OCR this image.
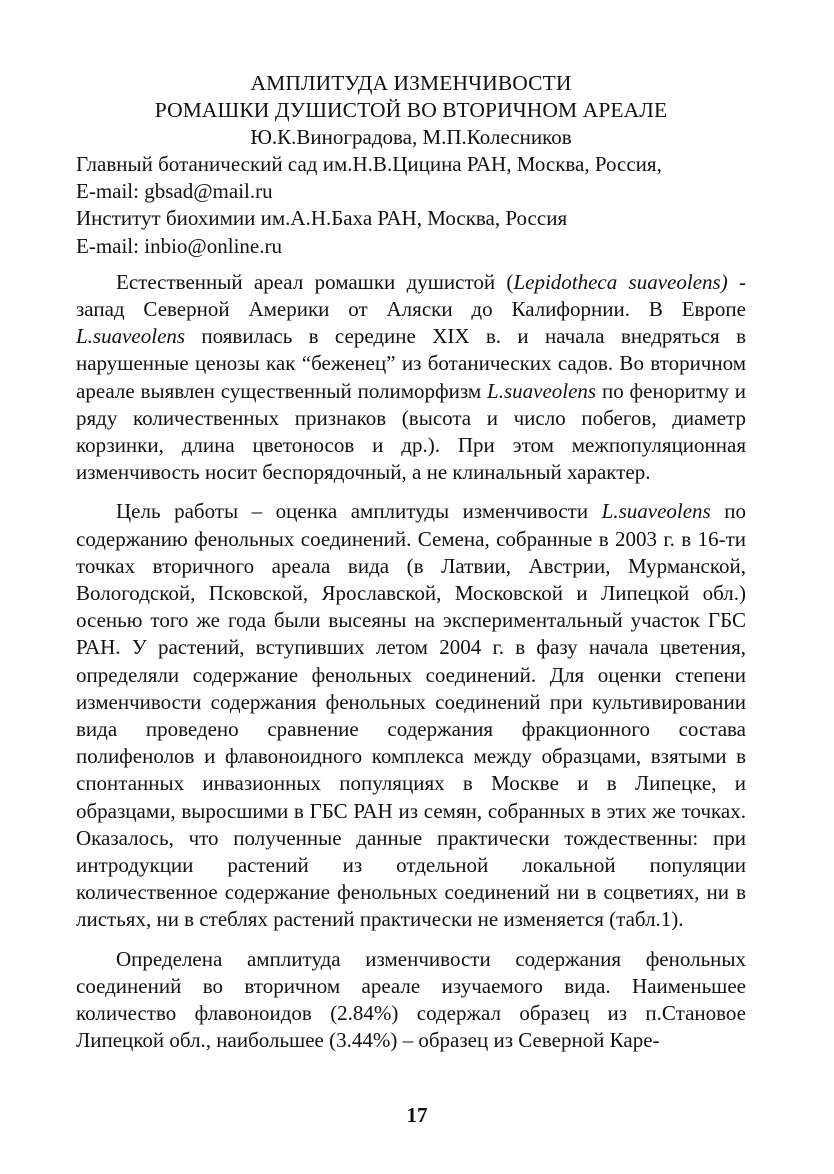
АМПЛИТУДА ИЗМЕНЧИВОСТИ
РОМАШКИ ДУШИСТОЙ ВО ВТОРИЧНОМ АРЕАЛЕ
Ю.К.Виноградова, М.П.Колесников

Главный ботанический сад им.Н.В.Цицина РАН, Москва, Россия,

E-mail: gbsad@mail.ru

Институт биохимии им.А.Н.Баха РАН, Москва, Россия

E-mail: inbio@online.ru

Естественный ареал ромашки душистой (Lepidotheca suaveolens) - запад Северной Америки от Аляски до Калифорнии. В Европе L.suaveolens появилась в середине XIX в. и начала внедряться в нарушенные ценозы как “беженец” из ботанических садов. Во вторичном ареале выявлен существенный полиморфизм L.suaveolens по феноритму и ряду количественных признаков (высота и число побегов, диаметр корзинки, длина цветоносов и др.). При этом межпопуляционная изменчивость носит беспорядочный, а не клинальный характер.

Цель работы – оценка амплитуды изменчивости L.suaveolens по содержанию фенольных соединений. Семена, собранные в 2003 г. в 16-ти точках вторичного ареала вида (в Латвии, Австрии, Мурманской, Вологодской, Псковской, Ярославской, Московской и Липецкой обл.) осенью того же года были высеяны на экспериментальный участок ГБС РАН. У растений, вступивших летом 2004 г. в фазу начала цветения, определяли содержание фенольных соединений. Для оценки степени изменчивости содержания фенольных соединений при культивировании вида проведено сравнение содержания фракционного состава полифенолов и флавоноидного комплекса между образцами, взятыми в спонтанных инвазионных популяциях в Москве и в Липецке, и образцами, выросшими в ГБС РАН из семян, собранных в этих же точках. Оказалось, что полученные данные практически тождественны: при интродукции растений из отдельной локальной популяции количественное содержание фенольных соединений ни в соцветиях, ни в листьях, ни в стеблях растений практически не изменяется (табл.1).

Определена амплитуда изменчивости содержания фенольных соединений во вторичном ареале изучаемого вида. Наименьшее количество флавоноидов (2.84%) содержал образец из п.Становое Липецкой обл., наибольшее (3.44%) – образец из Северной Каре-

17
